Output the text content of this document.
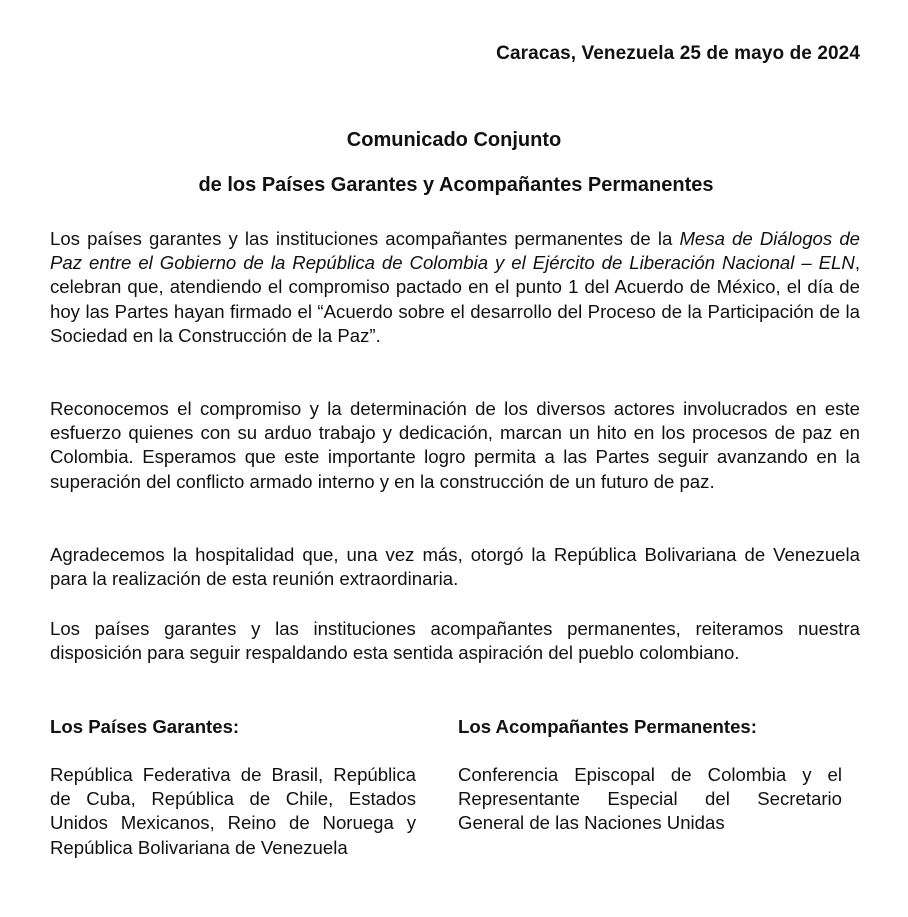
Caracas, Venezuela 25 de mayo de 2024
Comunicado Conjunto
de los Países Garantes y Acompañantes Permanentes

Los países garantes y las instituciones acompañantes permanentes de la Mesa de Diálogos de Paz entre el Gobierno de la República de Colombia y el Ejército de Liberación Nacional – ELN, celebran que, atendiendo el compromiso pactado en el punto 1 del Acuerdo de México, el día de hoy las Partes hayan firmado el “Acuerdo sobre el desarrollo del Proceso de la Participación de la Sociedad en la Construcción de la Paz”.

Reconocemos el compromiso y la determinación de los diversos actores involucrados en este esfuerzo quienes con su arduo trabajo y dedicación, marcan un hito en los procesos de paz en Colombia. Esperamos que este importante logro permita a las Partes seguir avanzando en la superación del conflicto armado interno y en la construcción de un futuro de paz.

Agradecemos la hospitalidad que, una vez más, otorgó la República Bolivariana de Venezuela para la realización de esta reunión extraordinaria.

Los países garantes y las instituciones acompañantes permanentes, reiteramos nuestra disposición para seguir respaldando esta sentida aspiración del pueblo colombiano.

Los Países Garantes:	Los Acompañantes Permanentes:

República Federativa de Brasil, República de Cuba, República de Chile, Estados Unidos Mexicanos, Reino de Noruega y República Bolivariana de Venezuela

Conferencia Episcopal de Colombia y el Representante Especial del Secretario General de las Naciones Unidas
